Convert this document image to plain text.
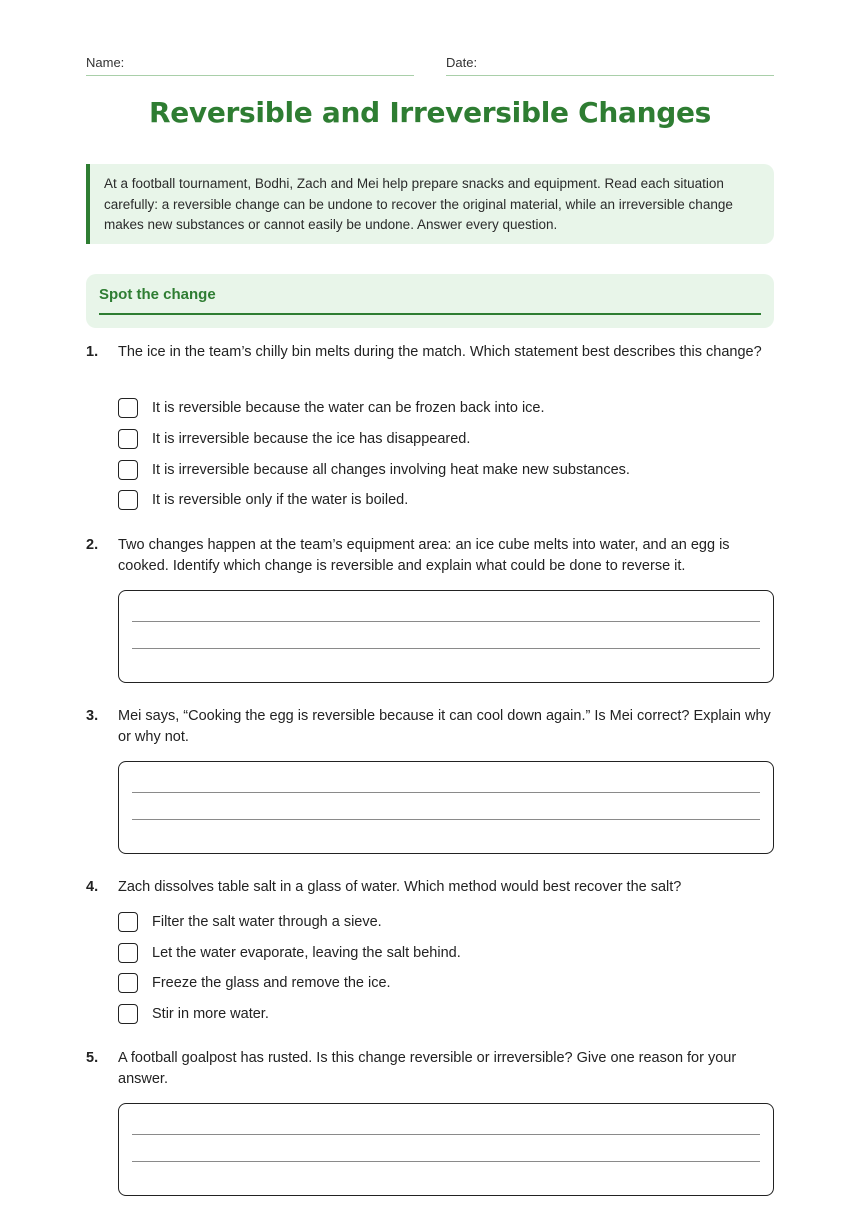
Name:	Date:
Reversible and Irreversible Changes
At a football tournament, Bodhi, Zach and Mei help prepare snacks and equipment. Read each situation carefully: a reversible change can be undone to recover the original material, while an irreversible change makes new substances or cannot easily be undone. Answer every question.
Spot the change
1. The ice in the team’s chilly bin melts during the match. Which statement best describes this change?
It is reversible because the water can be frozen back into ice.
It is irreversible because the ice has disappeared.
It is irreversible because all changes involving heat make new substances.
It is reversible only if the water is boiled.
2. Two changes happen at the team’s equipment area: an ice cube melts into water, and an egg is cooked. Identify which change is reversible and explain what could be done to reverse it.
3. Mei says, “Cooking the egg is reversible because it can cool down again.” Is Mei correct? Explain why or why not.
4. Zach dissolves table salt in a glass of water. Which method would best recover the salt?
Filter the salt water through a sieve.
Let the water evaporate, leaving the salt behind.
Freeze the glass and remove the ice.
Stir in more water.
5. A football goalpost has rusted. Is this change reversible or irreversible? Give one reason for your answer.
